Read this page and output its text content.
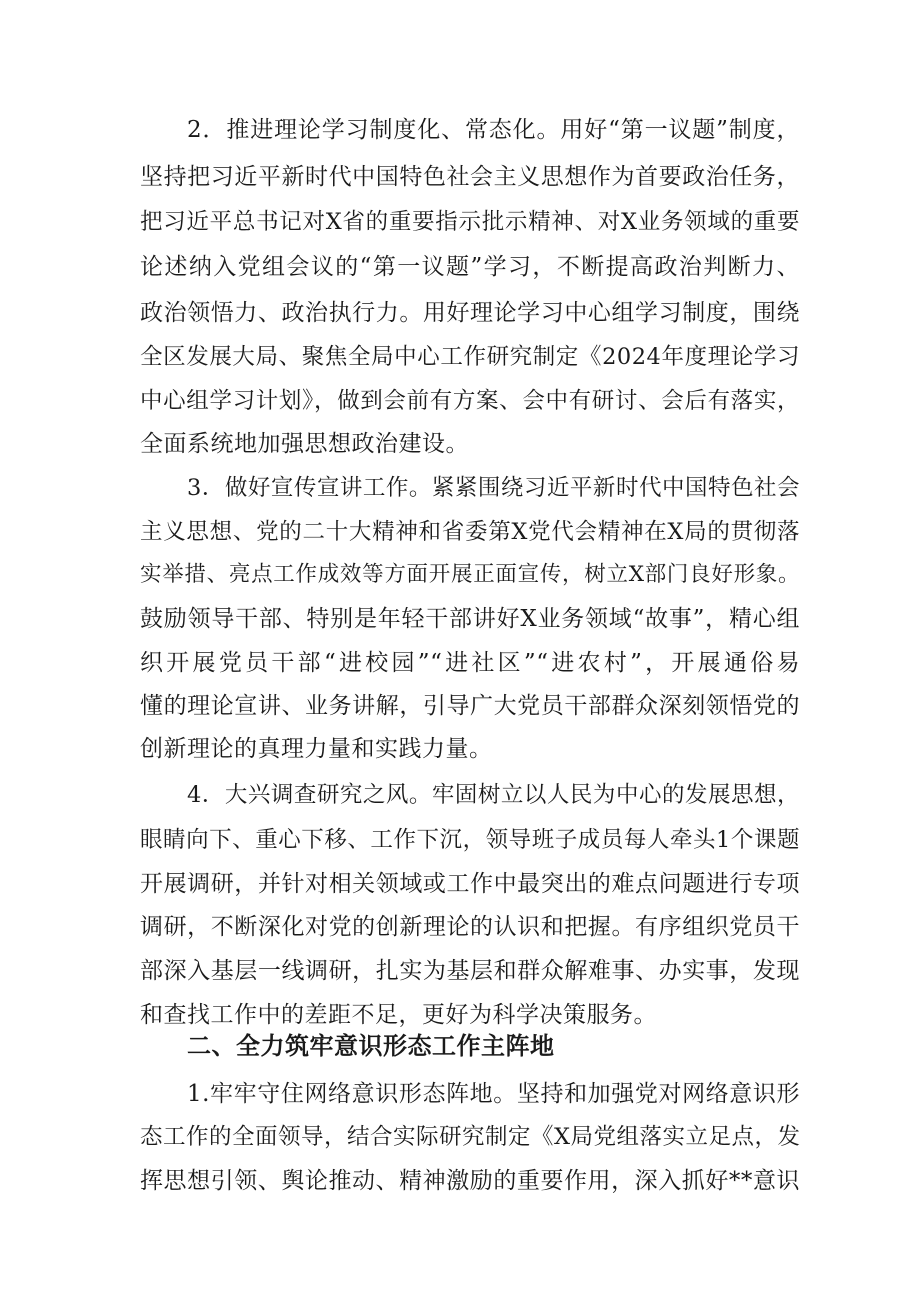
2．推进理论学习制度化、常态化。用好“第一议题”制度，
坚持把习近平新时代中国特色社会主义思想作为首要政治任务，
把习近平总书记对X省的重要指示批示精神、对X业务领域的重要
论述纳入党组会议的“第一议题”学习，不断提高政治判断力、
政治领悟力、政治执行力。用好理论学习中心组学习制度，围绕
全区发展大局、聚焦全局中心工作研究制定《2024年度理论学习
中心组学习计划》，做到会前有方案、会中有研讨、会后有落实，
全面系统地加强思想政治建设。
3．做好宣传宣讲工作。紧紧围绕习近平新时代中国特色社会
主义思想、党的二十大精神和省委第X党代会精神在X局的贯彻落
实举措、亮点工作成效等方面开展正面宣传，树立X部门良好形象。
鼓励领导干部、特别是年轻干部讲好X业务领域“故事”，精心组
织开展党员干部“进校园”“进社区”“进农村”，开展通俗易
懂的理论宣讲、业务讲解，引导广大党员干部群众深刻领悟党的
创新理论的真理力量和实践力量。
4．大兴调查研究之风。牢固树立以人民为中心的发展思想，
眼睛向下、重心下移、工作下沉，领导班子成员每人牵头1个课题
开展调研，并针对相关领域或工作中最突出的难点问题进行专项
调研，不断深化对党的创新理论的认识和把握。有序组织党员干
部深入基层一线调研，扎实为基层和群众解难事、办实事，发现
和查找工作中的差距不足，更好为科学决策服务。
二、全力筑牢意识形态工作主阵地
1.牢牢守住网络意识形态阵地。坚持和加强党对网络意识形
态工作的全面领导，结合实际研究制定《X局党组落实立足点，发
挥思想引领、舆论推动、精神激励的重要作用，深入抓好**意识
